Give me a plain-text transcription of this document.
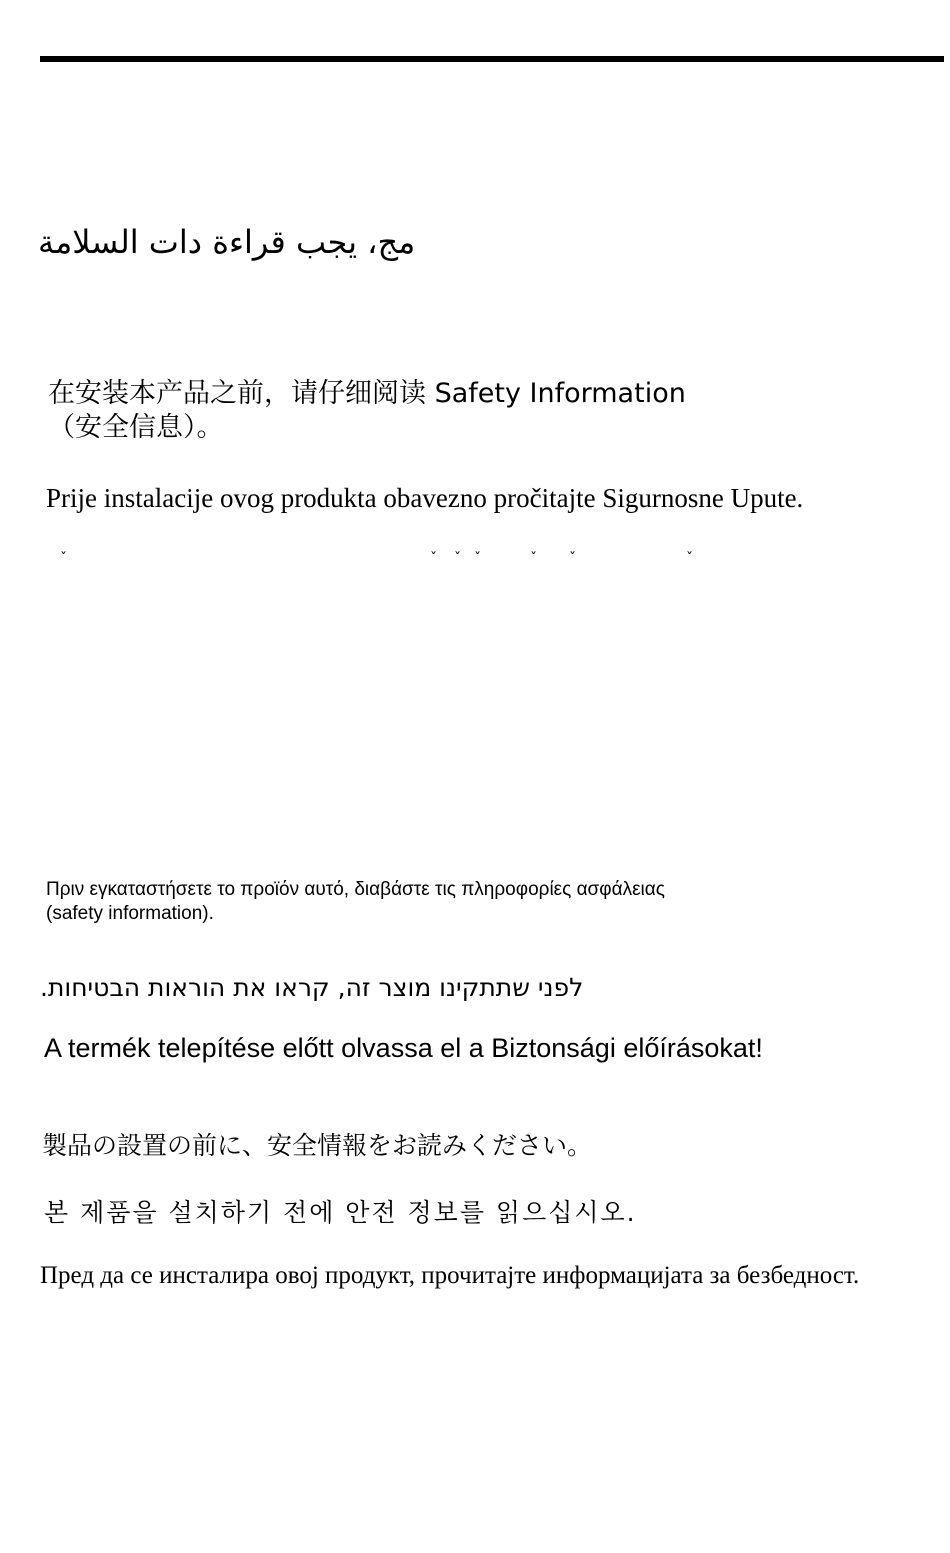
مج، يجب قراءة دات السلامة

在安装本产品之前，请仔细阅读 Safety Information

（安全信息）。

Prije instalacije ovog produkta obavezno pročitajte Sigurnosne Upute.

ˇ	ˇ ˇ ˇ	ˇ ˇ	ˇ

Πριν εγκαταστήσετε το προϊόν αυτό, διαβάστε τις πληροφορίες ασφάλειας

(safety information).

לפני שתתקינו מוצר זה, קראו את הוראות הבטיחות.

A termék telepítése előtt olvassa el a Biztonsági előírásokat!

製品の設置の前に、安全情報をお読みください。

본 제품을 설치하기 전에 안전 정보를 읽으십시오.

Пред да се инсталира овој продукт, прочитајте информацијата за безбедност.
